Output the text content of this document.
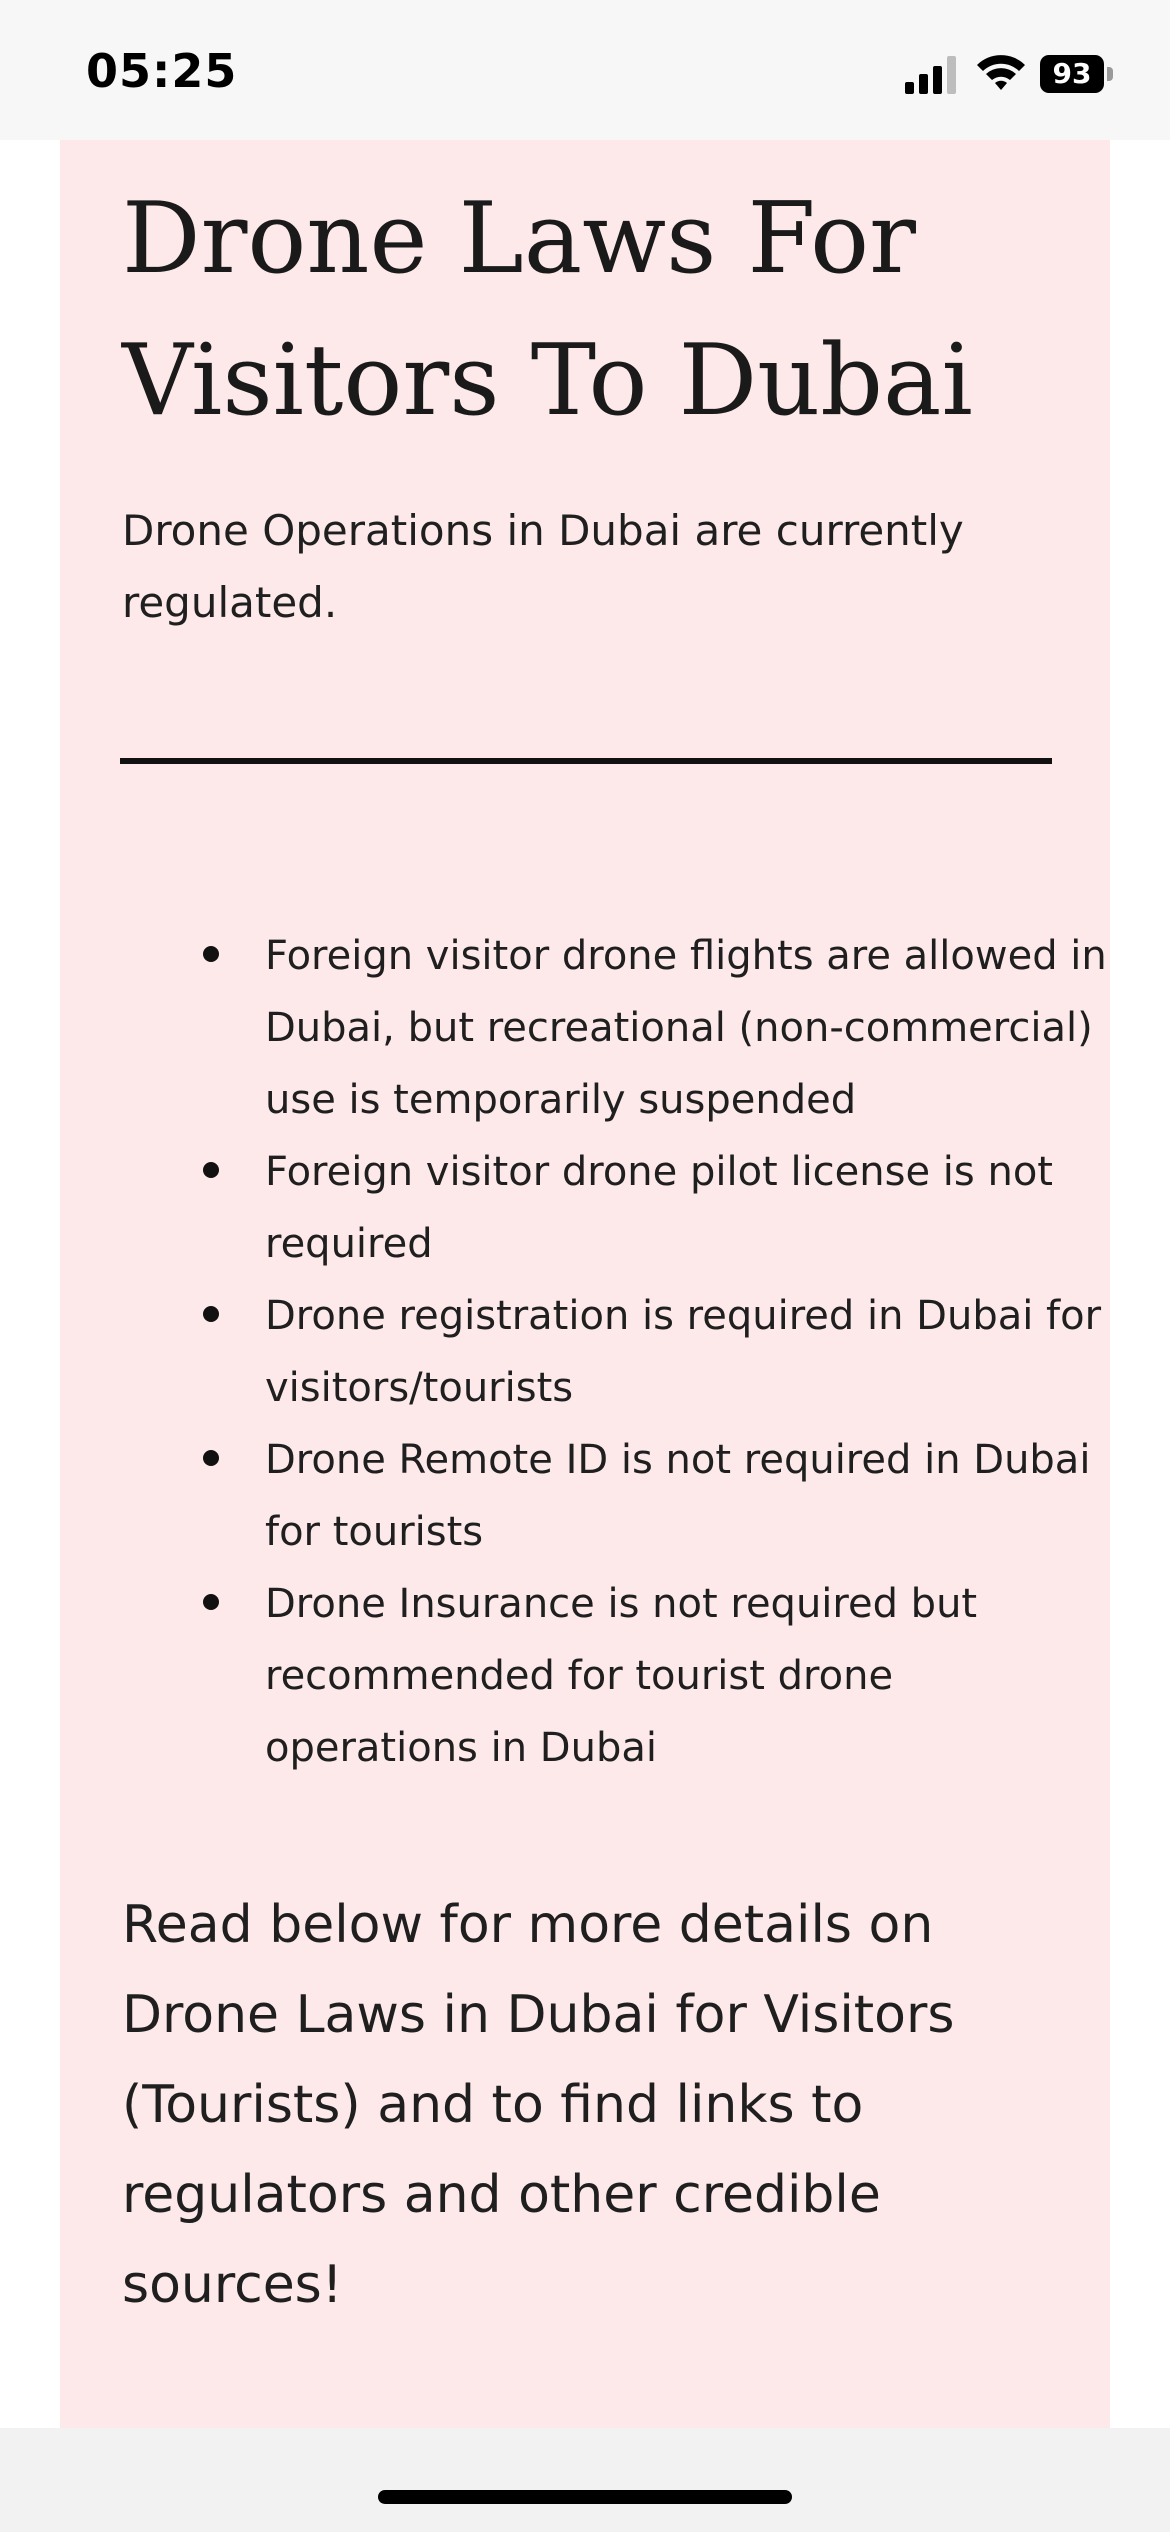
05:25	93
Drone Laws For Visitors To Dubai

Drone Operations in Dubai are currently regulated.

Foreign visitor drone flights are allowed in Dubai, but recreational (non-commercial) use is temporarily suspended
Foreign visitor drone pilot license is not required
Drone registration is required in Dubai for visitors/tourists
Drone Remote ID is not required in Dubai for tourists
Drone Insurance is not required but recommended for tourist drone operations in Dubai

Read below for more details on Drone Laws in Dubai for Visitors (Tourists) and to find links to regulators and other credible sources!
